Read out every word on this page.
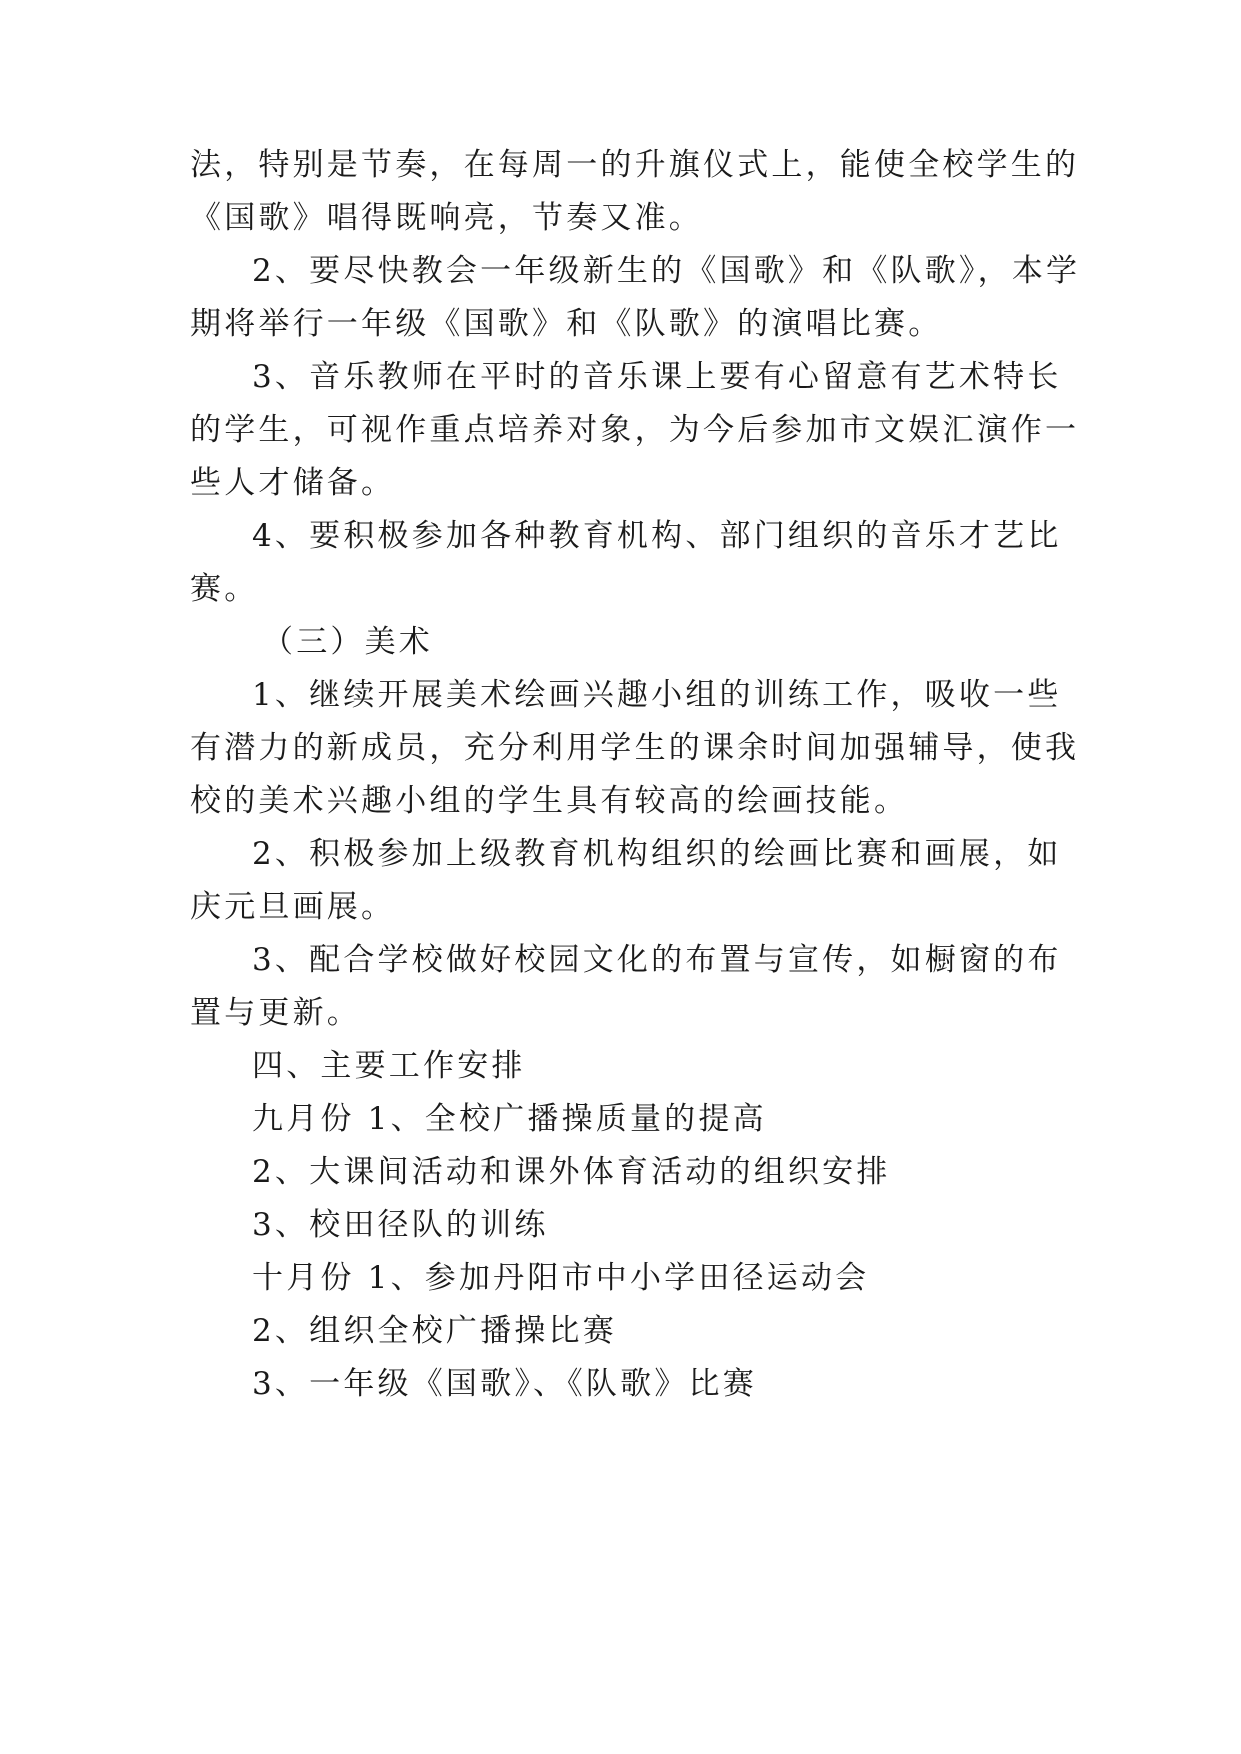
法，特别是节奏，在每周一的升旗仪式上，能使全校学生的
《国歌》唱得既响亮，节奏又准。
2、要尽快教会一年级新生的《国歌》和《队歌》，本学
期将举行一年级《国歌》和《队歌》的演唱比赛。
3、音乐教师在平时的音乐课上要有心留意有艺术特长
的学生，可视作重点培养对象，为今后参加市文娱汇演作一
些人才储备。
4、要积极参加各种教育机构、部门组织的音乐才艺比
赛。
（三）美术
1、继续开展美术绘画兴趣小组的训练工作，吸收一些
有潜力的新成员，充分利用学生的课余时间加强辅导，使我
校的美术兴趣小组的学生具有较高的绘画技能。
2、积极参加上级教育机构组织的绘画比赛和画展，如
庆元旦画展。
3、配合学校做好校园文化的布置与宣传，如橱窗的布
置与更新。
四、主要工作安排
九月份 1、全校广播操质量的提高
2、大课间活动和课外体育活动的组织安排
3、校田径队的训练
十月份 1、参加丹阳市中小学田径运动会
2、组织全校广播操比赛
3、一年级《国歌》、《队歌》比赛
